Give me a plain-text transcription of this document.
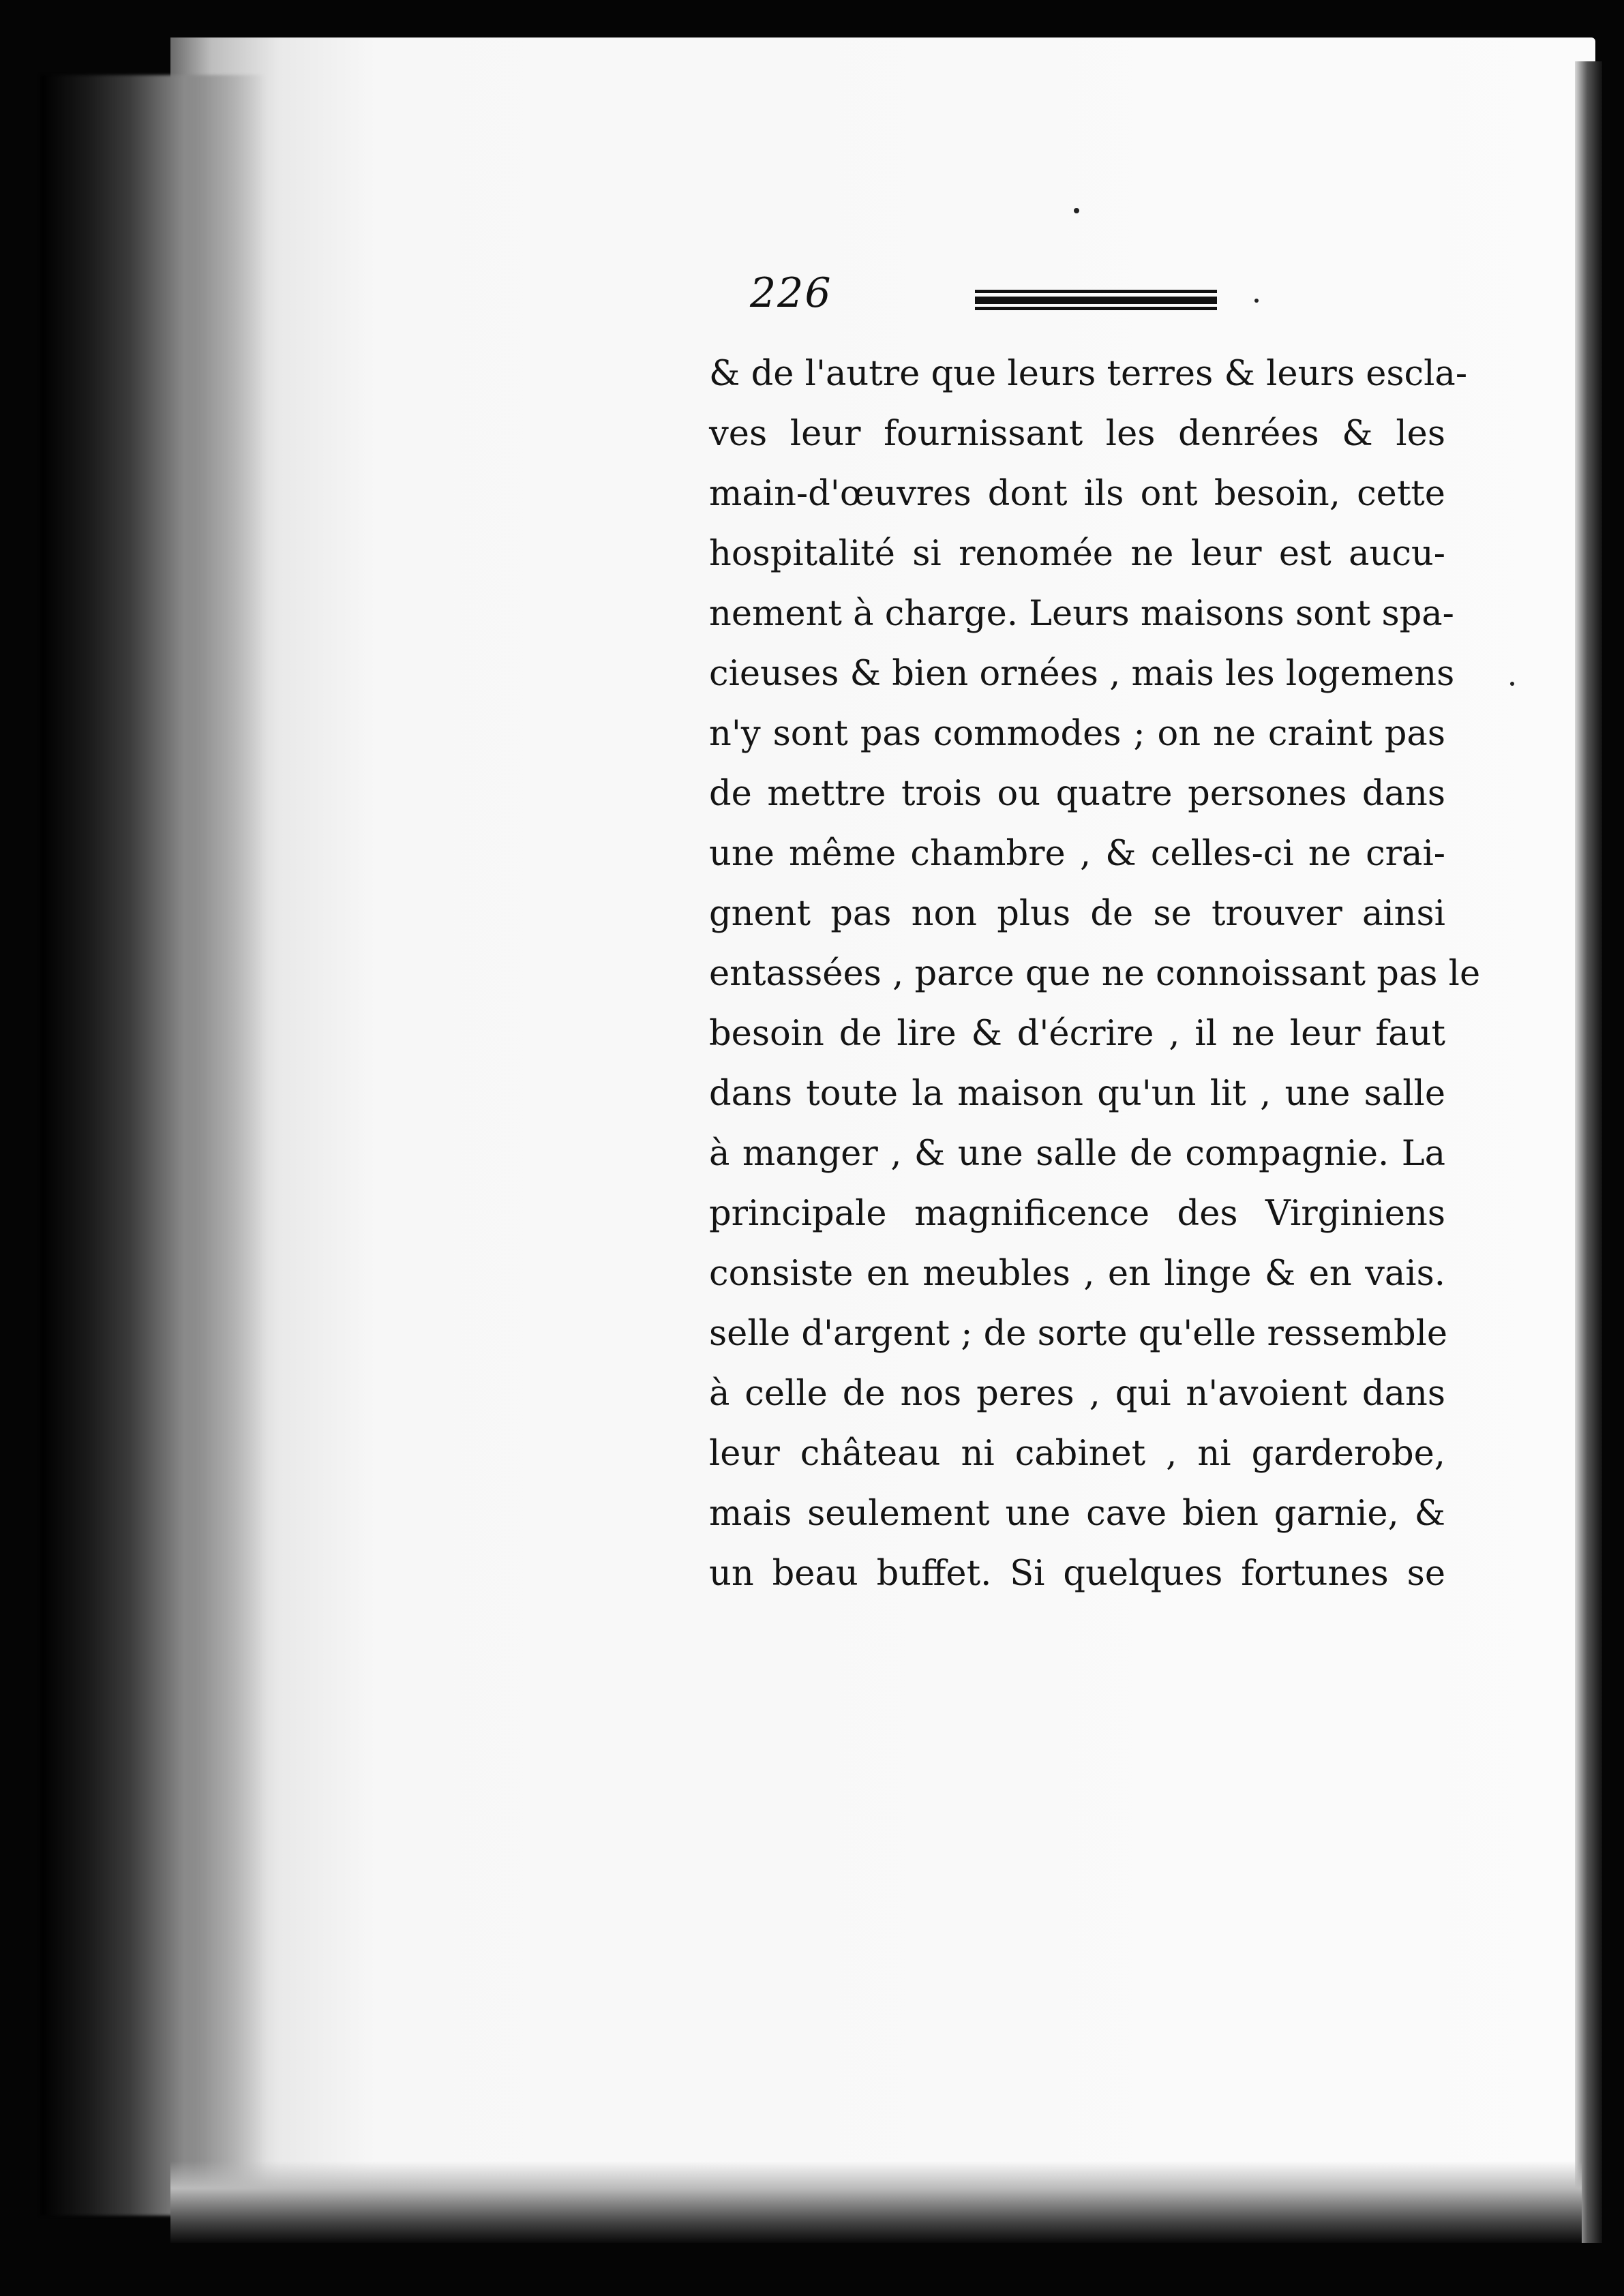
226
& de l'autre que leurs terres & leurs escla-
ves leur fournissant les denrées & les
main-d'œuvres dont ils ont besoin, cette
hospitalité si renomée ne leur est aucu-
nement à charge. Leurs maisons sont spa-
cieuses & bien ornées , mais les logemens
n'y sont pas commodes ; on ne craint pas
de mettre trois ou quatre persones dans
une même chambre , & celles-ci ne crai-
gnent pas non plus de se trouver ainsi
entassées , parce que ne connoissant pas le
besoin de lire & d'écrire , il ne leur faut
dans toute la maison qu'un lit , une salle
à manger , & une salle de compagnie. La
principale magnificence des Virginiens
consiste en meubles , en linge & en vais.
selle d'argent ; de sorte qu'elle ressemble
à celle de nos peres , qui n'avoient dans
leur château ni cabinet , ni garderobe,
mais seulement une cave bien garnie, &
un beau buffet. Si quelques fortunes se
